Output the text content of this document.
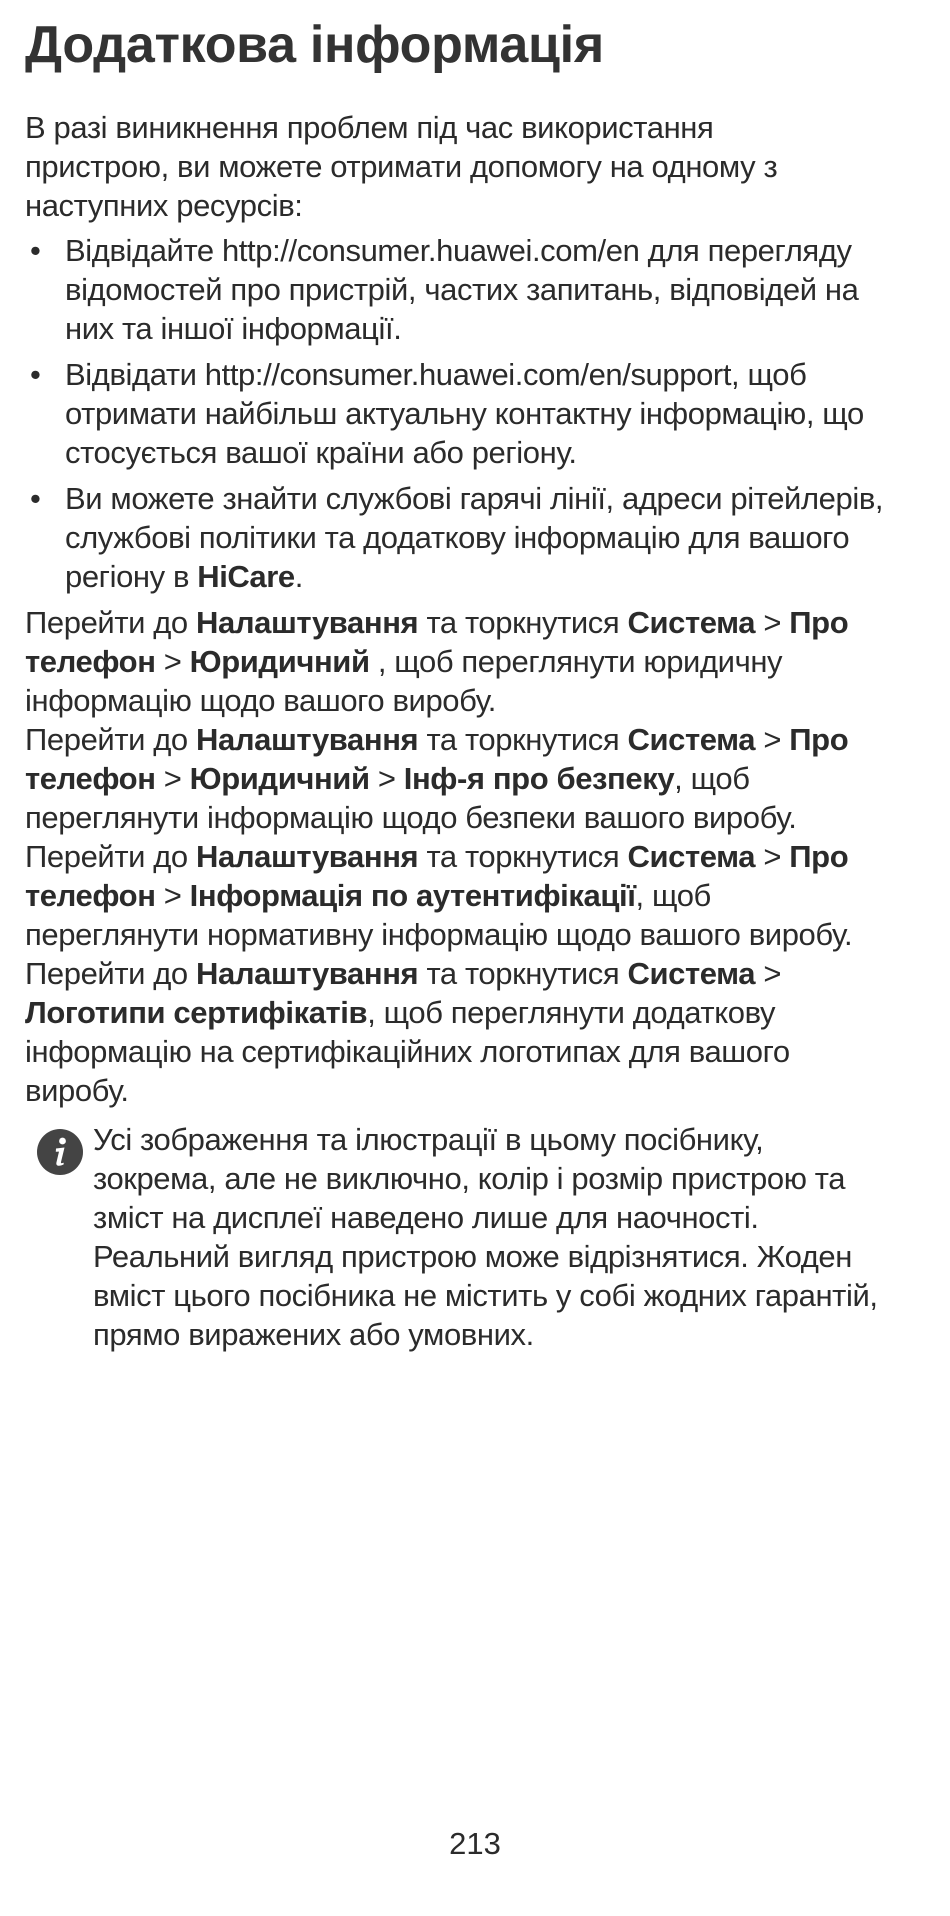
Додаткова інформація

В разі виникнення проблем під час використання пристрою, ви можете отримати допомогу на одному з наступних ресурсів:

• Відвідайте http://consumer.huawei.com/en для перегляду відомостей про пристрій, частих запитань, відповідей на них та іншої інформації.
• Відвідати http://consumer.huawei.com/en/support, щоб отримати найбільш актуальну контактну інформацію, що стосується вашої країни або регіону.
• Ви можете знайти службові гарячі лінії, адреси рітейлерів, службові політики та додаткову інформацію для вашого регіону в HiCare.

Перейти до Налаштування та торкнутися Система > Про телефон > Юридичний , щоб переглянути юридичну інформацію щодо вашого виробу.

Перейти до Налаштування та торкнутися Система > Про телефон > Юридичний > Інф-я про безпеку, щоб переглянути інформацію щодо безпеки вашого виробу.

Перейти до Налаштування та торкнутися Система > Про телефон > Інформація по аутентифікації, щоб переглянути нормативну інформацію щодо вашого виробу.

Перейти до Налаштування та торкнутися Система > Логотипи сертифікатів, щоб переглянути додаткову інформацію на сертифікаційних логотипах для вашого виробу.

Усі зображення та ілюстрації в цьому посібнику, зокрема, але не виключно, колір і розмір пристрою та зміст на дисплеї наведено лише для наочності. Реальний вигляд пристрою може відрізнятися. Жоден вміст цього посібника не містить у собі жодних гарантій, прямо виражених або умовних.

213
